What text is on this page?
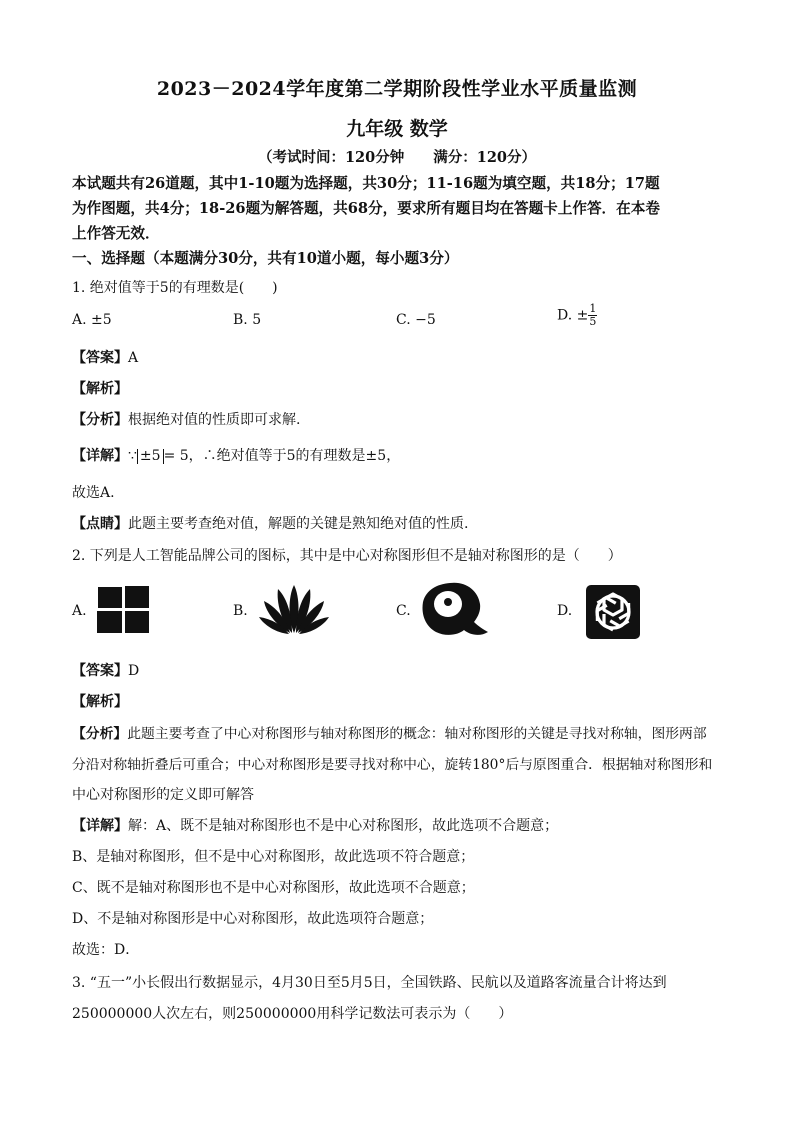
2023－2024学年度第二学期阶段性学业水平质量监测
九年级 数学
（考试时间：120分钟　　满分：120分）
本试题共有26道题，其中1-10题为选择题，共30分；11-16题为填空题，共18分；17题
为作图题，共4分；18-26题为解答题，共68分，要求所有题目均在答题卡上作答．在本卷
上作答无效．
一、选择题（本题满分30分，共有10道小题，每小题3分）
1. 绝对值等于5的有理数是(　　)
A. ±5	B. 5	C. −5	D. ± $\frac{1}{5}$
【答案】A
【解析】
【分析】根据绝对值的性质即可求解.
【详解】∵ ±5 = 5，∴绝对值等于5的有理数是±5，
故选A.
【点睛】此题主要考查绝对值，解题的关键是熟知绝对值的性质.
2. 下列是人工智能品牌公司的图标，其中是中心对称图形但不是轴对称图形的是（　　）
A.	B.	C.	D.
【答案】D
【解析】
【分析】此题主要考查了中心对称图形与轴对称图形的概念：轴对称图形的关键是寻找对称轴，图形两部
分沿对称轴折叠后可重合；中心对称图形是要寻找对称中心，旋转180°后与原图重合．根据轴对称图形和
中心对称图形的定义即可解答
【详解】解：A、既不是轴对称图形也不是中心对称图形，故此选项不合题意；
B、是轴对称图形，但不是中心对称图形，故此选项不符合题意；
C、既不是轴对称图形也不是中心对称图形，故此选项不合题意；
D、不是轴对称图形是中心对称图形，故此选项符合题意；
故选：D．
3. “五一”小长假出行数据显示，4月30日至5月5日，全国铁路、民航以及道路客流量合计将达到
250000000人次左右，则250000000用科学记数法可表示为（　　）
